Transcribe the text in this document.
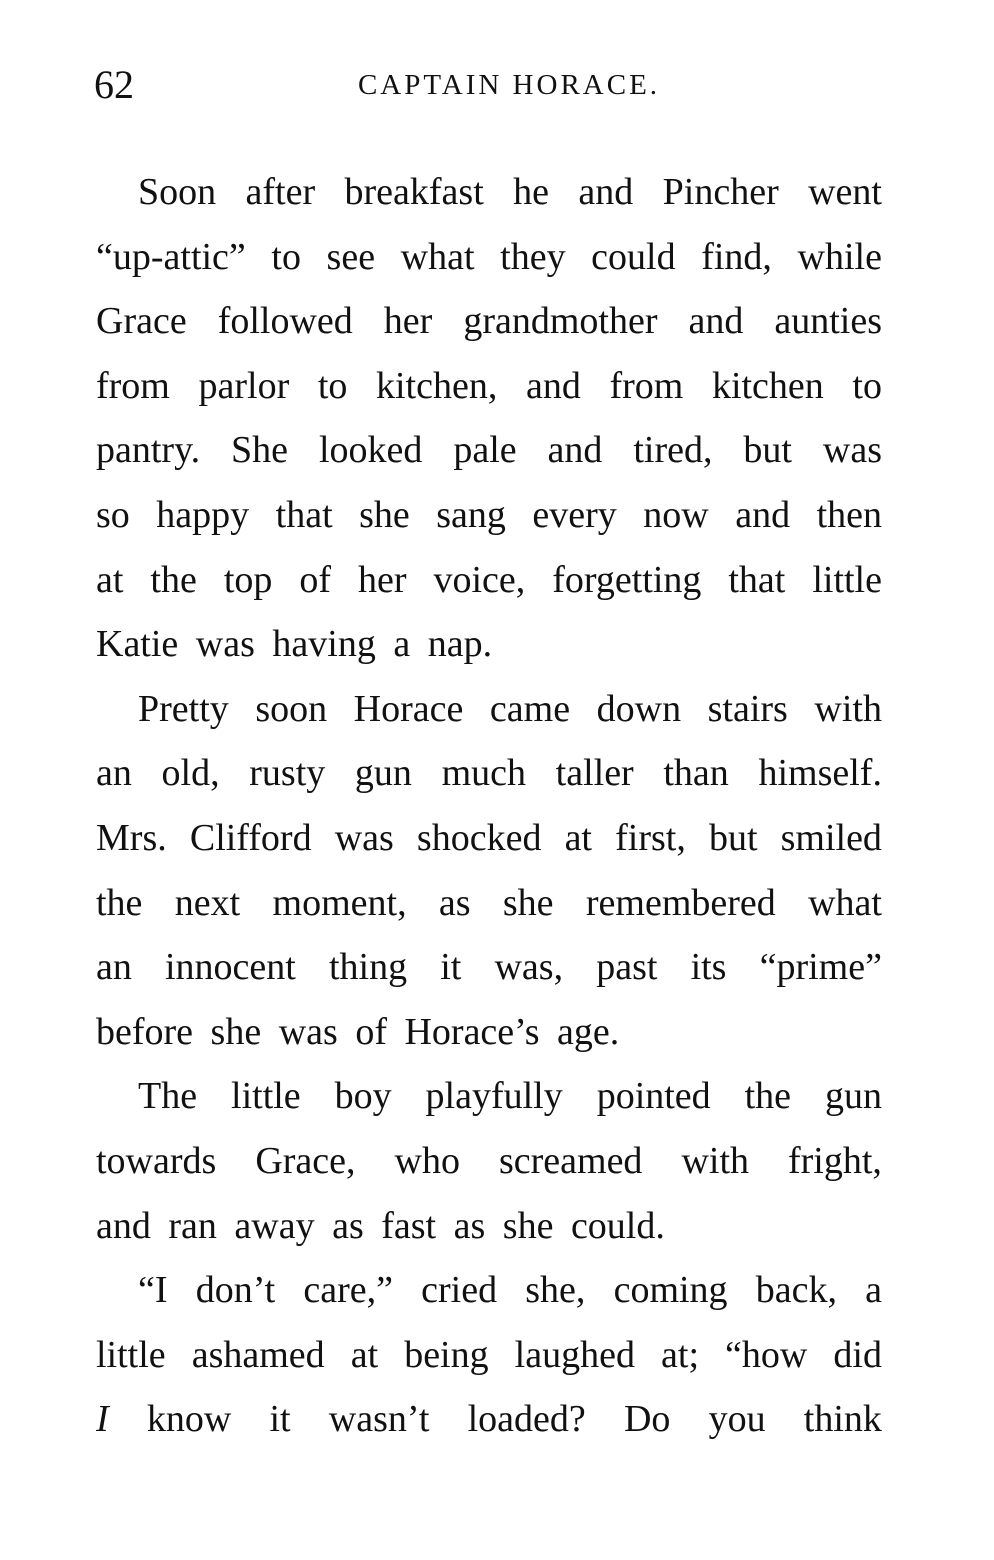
62	CAPTAIN HORACE.
Soon after breakfast he and Pincher went
“up-attic” to see what they could find, while
Grace followed her grandmother and aunties
from parlor to kitchen, and from kitchen to
pantry. She looked pale and tired, but was
so happy that she sang every now and then
at the top of her voice, forgetting that little
Katie
was
having
a
nap.
Pretty soon Horace came down stairs with
an old, rusty gun much taller than himself.
Mrs. Clifford was shocked at first, but smiled
the next moment, as she remembered what
an innocent thing it was, past its “prime”
before
she
was
of
Horace’s
age.
The little boy playfully pointed the gun
towards Grace, who screamed with fright,
and
ran
away
as
fast
as
she
could.
“I don’t care,” cried she, coming back, a
little ashamed at being laughed at; “how did
I know it wasn’t loaded? Do you think
